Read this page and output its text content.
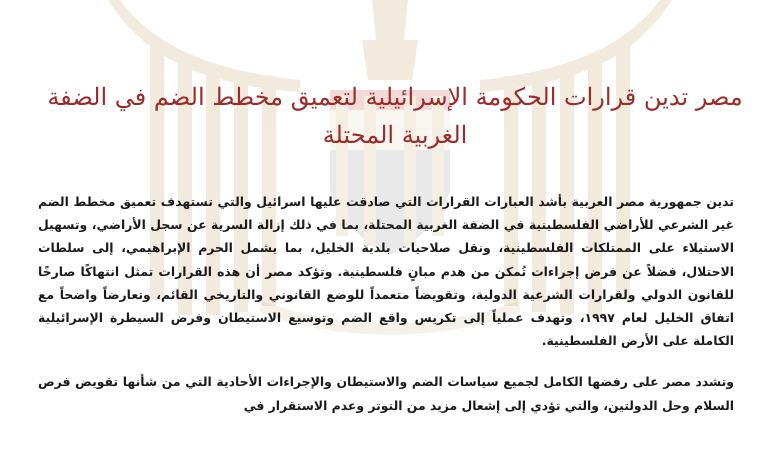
مصر تدين قرارات الحكومة الإسرائيلية لتعميق مخطط الضم في الضفة
الغربية المحتلة

تدين جمهورية مصر العربية بأشد العبارات القرارات التي صادقت عليها اسرائيل والتي تستهدف تعميق مخطط الضم غير الشرعي للأراضي الفلسطينية في الضفة الغربية المحتلة، بما في ذلك إزالة السرية عن سجل الأراضي، وتسهيل الاستيلاء على الممتلكات الفلسطينية، ونقل صلاحيات بلدية الخليل، بما يشمل الحرم الإبراهيمي، إلى سلطات الاحتلال، فضلاً عن فرض إجراءات تُمكن من هدم مبانٍ فلسطينية. وتؤكد مصر أن هذه القرارات تمثل انتهاكًا صارخًا للقانون الدولي ولقرارات الشرعية الدولية، وتقويضاً متعمداً للوضع القانوني والتاريخي القائم، وتعارضاً واضحاً مع اتفاق الخليل لعام ١٩٩٧، وتهدف عملياً إلى تكريس واقع الضم وتوسيع الاستيطان وفرض السيطرة الإسرائيلية الكاملة على الأرض الفلسطينية.

وتشدد مصر على رفضها الكامل لجميع سياسات الضم والاستيطان والإجراءات الأحادية التي من شأنها تقويض فرص السلام وحل الدولتين، والتي تؤدي إلى إشعال مزيد من التوتر وعدم الاستقرار في
